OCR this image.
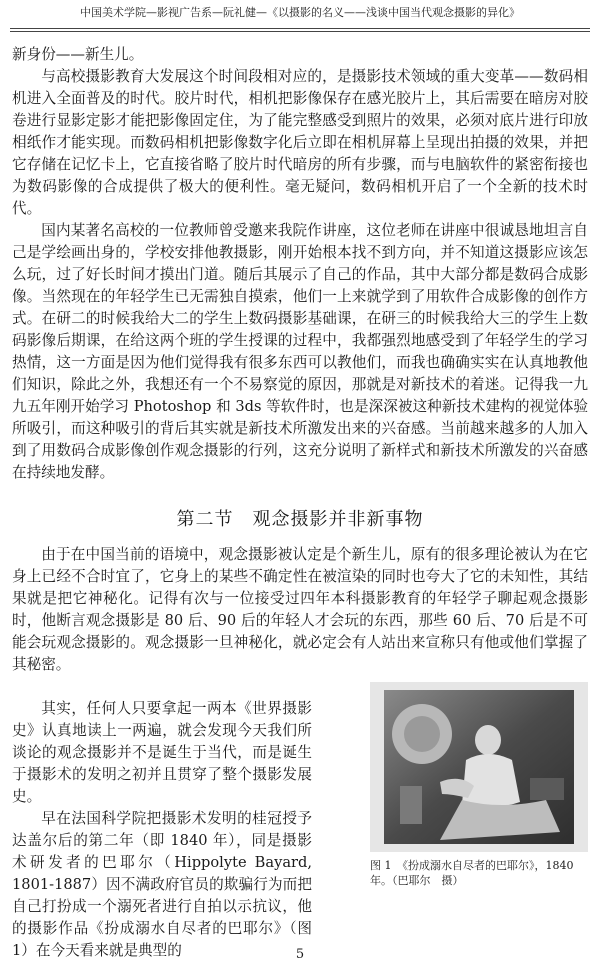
中国美术学院—影视广告系—阮礼健—《以摄影的名义——浅谈中国当代观念摄影的异化》

新身份——新生儿。

与高校摄影教育大发展这个时间段相对应的，是摄影技术领域的重大变革——数码相机进入全面普及的时代。胶片时代，相机把影像保存在感光胶片上，其后需要在暗房对胶卷进行显影定影才能把影像固定住，为了能完整感受到照片的效果，必须对底片进行印放相纸作才能实现。而数码相机把影像数字化后立即在相机屏幕上呈现出拍摄的效果，并把它存储在记忆卡上，它直接省略了胶片时代暗房的所有步骤，而与电脑软件的紧密衔接也为数码影像的合成提供了极大的便利性。毫无疑问，数码相机开启了一个全新的技术时代。

国内某著名高校的一位教师曾受邀来我院作讲座，这位老师在讲座中很诚恳地坦言自己是学绘画出身的，学校安排他教摄影，刚开始根本找不到方向，并不知道这摄影应该怎么玩，过了好长时间才摸出门道。随后其展示了自己的作品，其中大部分都是数码合成影像。当然现在的年轻学生已无需独自摸索，他们一上来就学到了用软件合成影像的创作方式。在研二的时候我给大二的学生上数码摄影基础课，在研三的时候我给大三的学生上数码影像后期课，在给这两个班的学生授课的过程中，我都强烈地感受到了年轻学生的学习热情，这一方面是因为他们觉得我有很多东西可以教他们，而我也确确实实在认真地教他们知识，除此之外，我想还有一个不易察觉的原因，那就是对新技术的着迷。记得我一九九五年刚开始学习 Photoshop 和 3ds 等软件时，也是深深被这种新技术建构的视觉体验所吸引，而这种吸引的背后其实就是新技术所激发出来的兴奋感。当前越来越多的人加入到了用数码合成影像创作观念摄影的行列，这充分说明了新样式和新技术所激发的兴奋感在持续地发酵。

第二节　观念摄影并非新事物

由于在中国当前的语境中，观念摄影被认定是个新生儿，原有的很多理论被认为在它身上已经不合时宜了，它身上的某些不确定性在被渲染的同时也夸大了它的未知性，其结果就是把它神秘化。记得有次与一位接受过四年本科摄影教育的年轻学子聊起观念摄影时，他断言观念摄影是 80 后、90 后的年轻人才会玩的东西，那些 60 后、70 后是不可能会玩观念摄影的。观念摄影一旦神秘化，就必定会有人站出来宣称只有他或他们掌握了其秘密。

其实，任何人只要拿起一两本《世界摄影史》认真地读上一两遍，就会发现今天我们所谈论的观念摄影并不是诞生于当代，而是诞生于摄影术的发明之初并且贯穿了整个摄影发展史。

早在法国科学院把摄影术发明的桂冠授予达盖尔后的第二年（即 1840 年），同是摄影术研发者的巴耶尔（Hippolyte Bayard, 1801-1887）因不满政府官员的欺骗行为而把自己打扮成一个溺死者进行自拍以示抗议，他的摄影作品《扮成溺水自尽者的巴耶尔》（图 1）在今天看来就是典型的

图 1　《扮成溺水自尽者的巴耶尔》，1840 年。（巴耶尔　摄）
5
